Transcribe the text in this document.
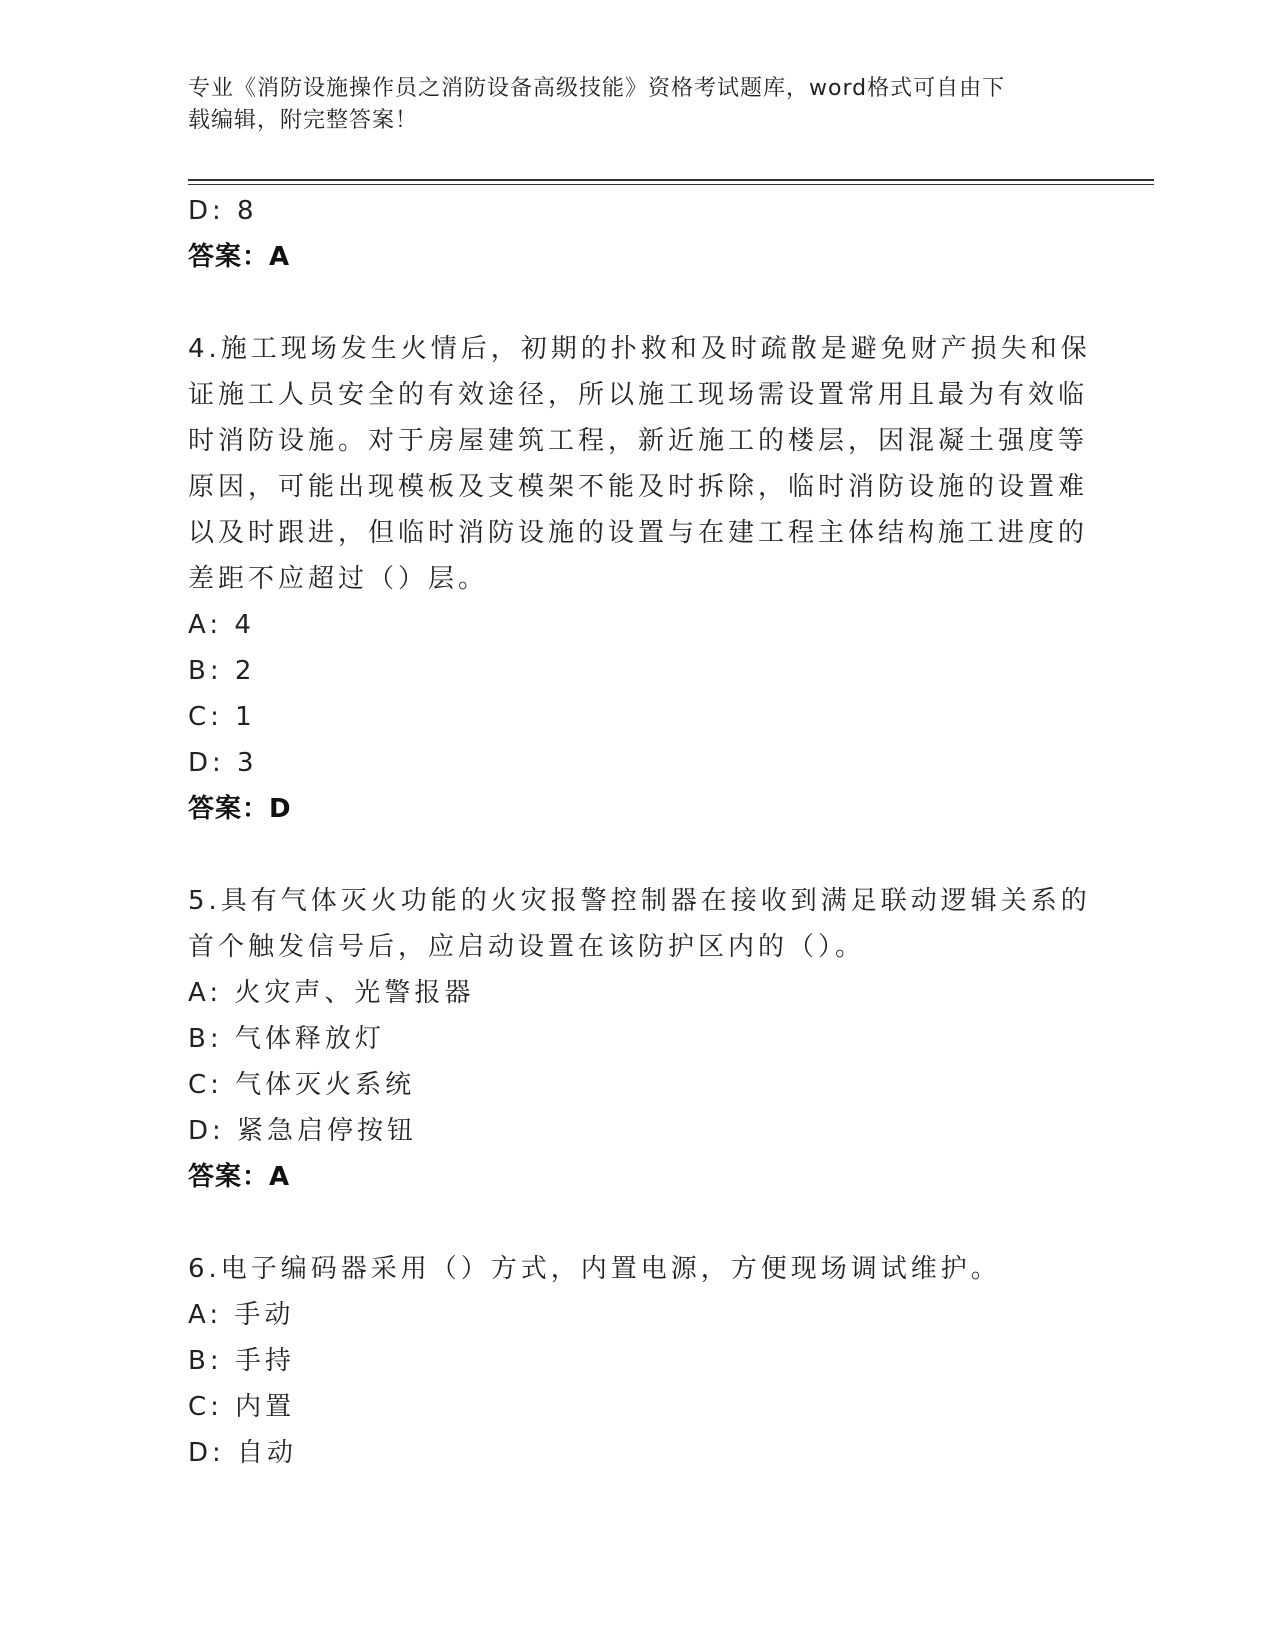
专业《消防设施操作员之消防设备高级技能》资格考试题库，word格式可自由下
载编辑，附完整答案！
D: 8
答案：A
4.施工现场发生火情后，初期的扑救和及时疏散是避免财产损失和保
证施工人员安全的有效途径，所以施工现场需设置常用且最为有效临
时消防设施。对于房屋建筑工程，新近施工的楼层，因混凝土强度等
原因，可能出现模板及支模架不能及时拆除，临时消防设施的设置难
以及时跟进，但临时消防设施的设置与在建工程主体结构施工进度的
差距不应超过（）层。
A: 4
B: 2
C: 1
D: 3
答案：D
5.具有气体灭火功能的火灾报警控制器在接收到满足联动逻辑关系的
首个触发信号后，应启动设置在该防护区内的（）。
A: 火灾声、光警报器
B: 气体释放灯
C: 气体灭火系统
D: 紧急启停按钮
答案：A
6.电子编码器采用（）方式，内置电源，方便现场调试维护。
A: 手动
B: 手持
C: 内置
D: 自动
